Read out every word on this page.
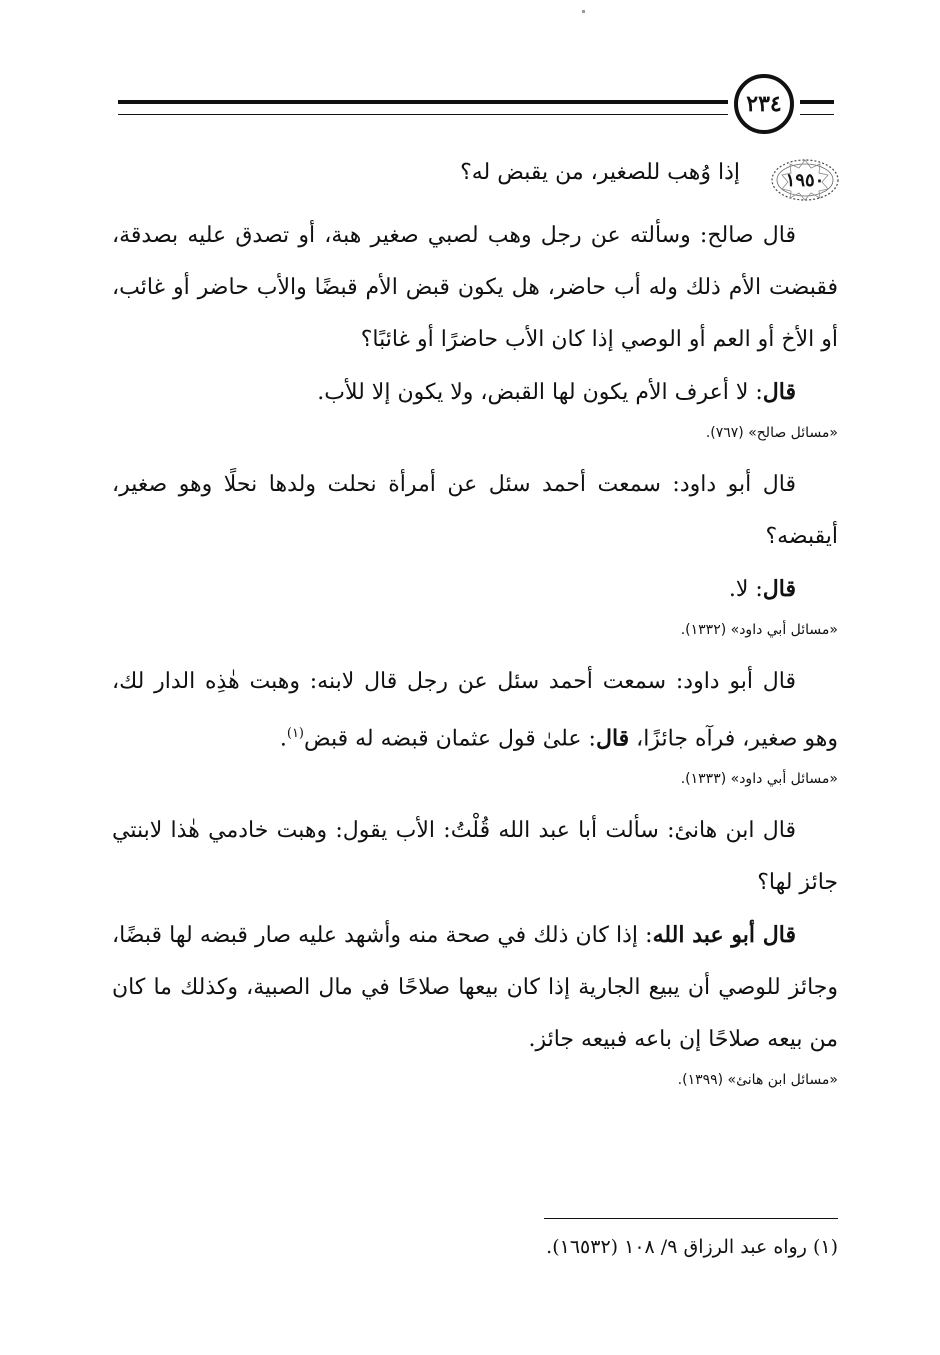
٢٣٤
١٩٥٠
إذا وُهب للصغير، من يقبض له؟

قال صالح: وسألته عن رجل وهب لصبي صغير هبة، أو تصدق عليه بصدقة، فقبضت الأم ذلك وله أب حاضر، هل يكون قبض الأم قبضًا والأب حاضر أو غائب، أو الأخ أو العم أو الوصي إذا كان الأب حاضرًا أو غائبًا؟

قال: لا أعرف الأم يكون لها القبض، ولا يكون إلا للأب.

«مسائل صالح» (٧٦٧).

قال أبو داود: سمعت أحمد سئل عن أمرأة نحلت ولدها نحلًا وهو صغير، أيقبضه؟

قال: لا.

«مسائل أبي داود» (١٣٣٢).

قال أبو داود: سمعت أحمد سئل عن رجل قال لابنه: وهبت هٰذِه الدار لك، وهو صغير، فرآه جائزًا، قال: علىٰ قول عثمان قبضه له قبض$^{(١)}$.

«مسائل أبي داود» (١٣٣٣).

قال ابن هانئ: سألت أبا عبد الله قُلْتُ: الأب يقول: وهبت خادمي هٰذا لابنتي جائز لها؟

قال أبو عبد الله: إذا كان ذلك في صحة منه وأشهد عليه صار قبضه لها قبضًا، وجائز للوصي أن يبيع الجارية إذا كان بيعها صلاحًا في مال الصبية، وكذلك ما كان من بيعه صلاحًا إن باعه فبيعه جائز.

«مسائل ابن هانئ» (١٣٩٩).

(١) رواه عبد الرزاق ٩/ ١٠٨ (١٦٥٣٢).
